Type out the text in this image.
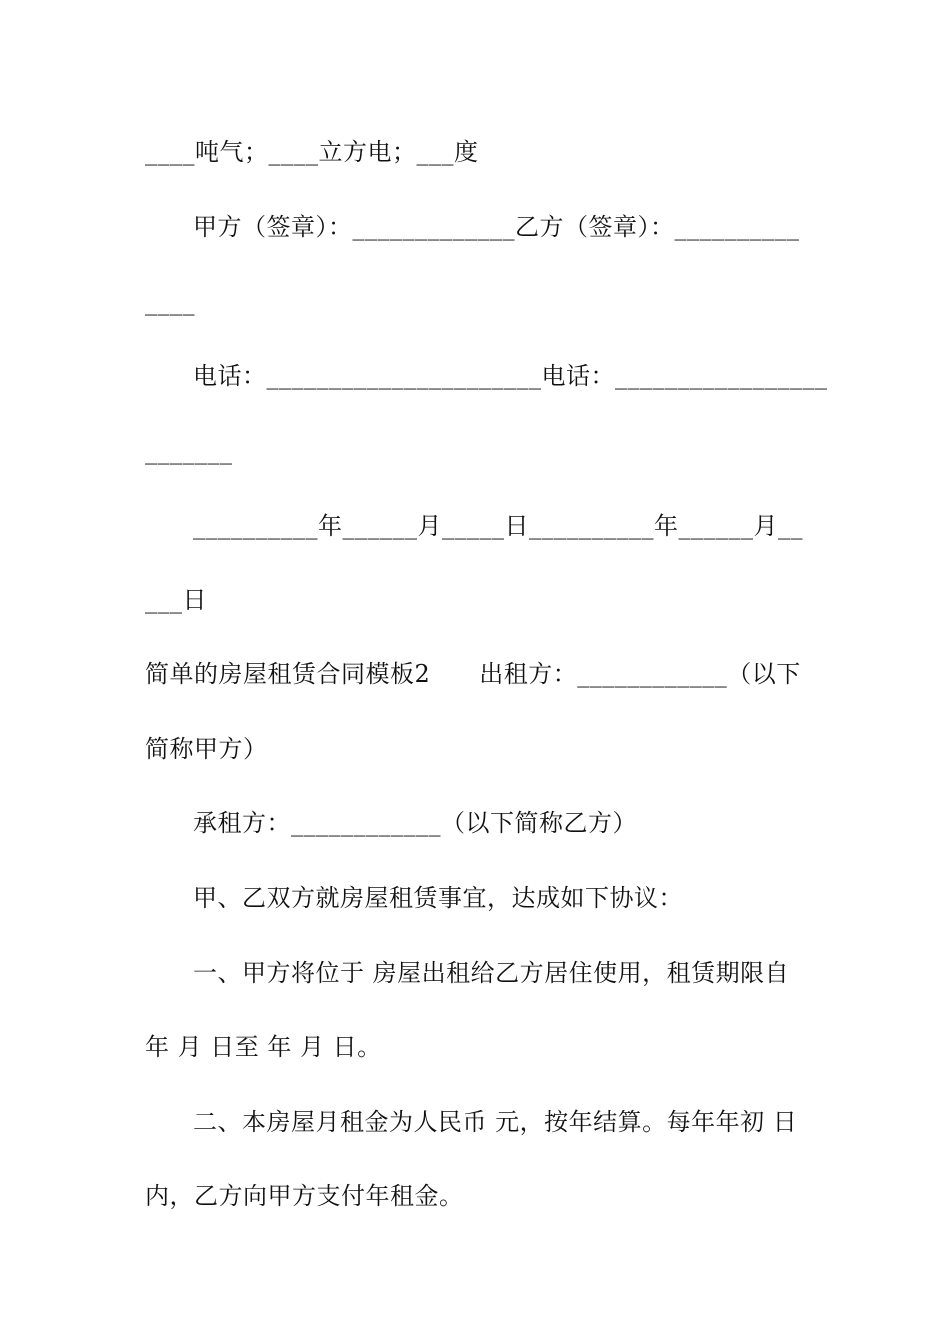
____吨气；____立方电；___度
甲方（签章）：_____________乙方（签章）：__________
____
电话：______________________电话：_________________
_______
__________年______月_____日__________年______月__
___日
简单的房屋租赁合同模板2　　出租方：____________（以下
简称甲方）
承租方：____________（以下简称乙方）
甲、乙双方就房屋租赁事宜，达成如下协议：
一、甲方将位于 房屋出租给乙方居住使用，租赁期限自
年 月 日至 年 月 日。
二、本房屋月租金为人民币 元，按年结算。每年年初 日
内，乙方向甲方支付年租金。
